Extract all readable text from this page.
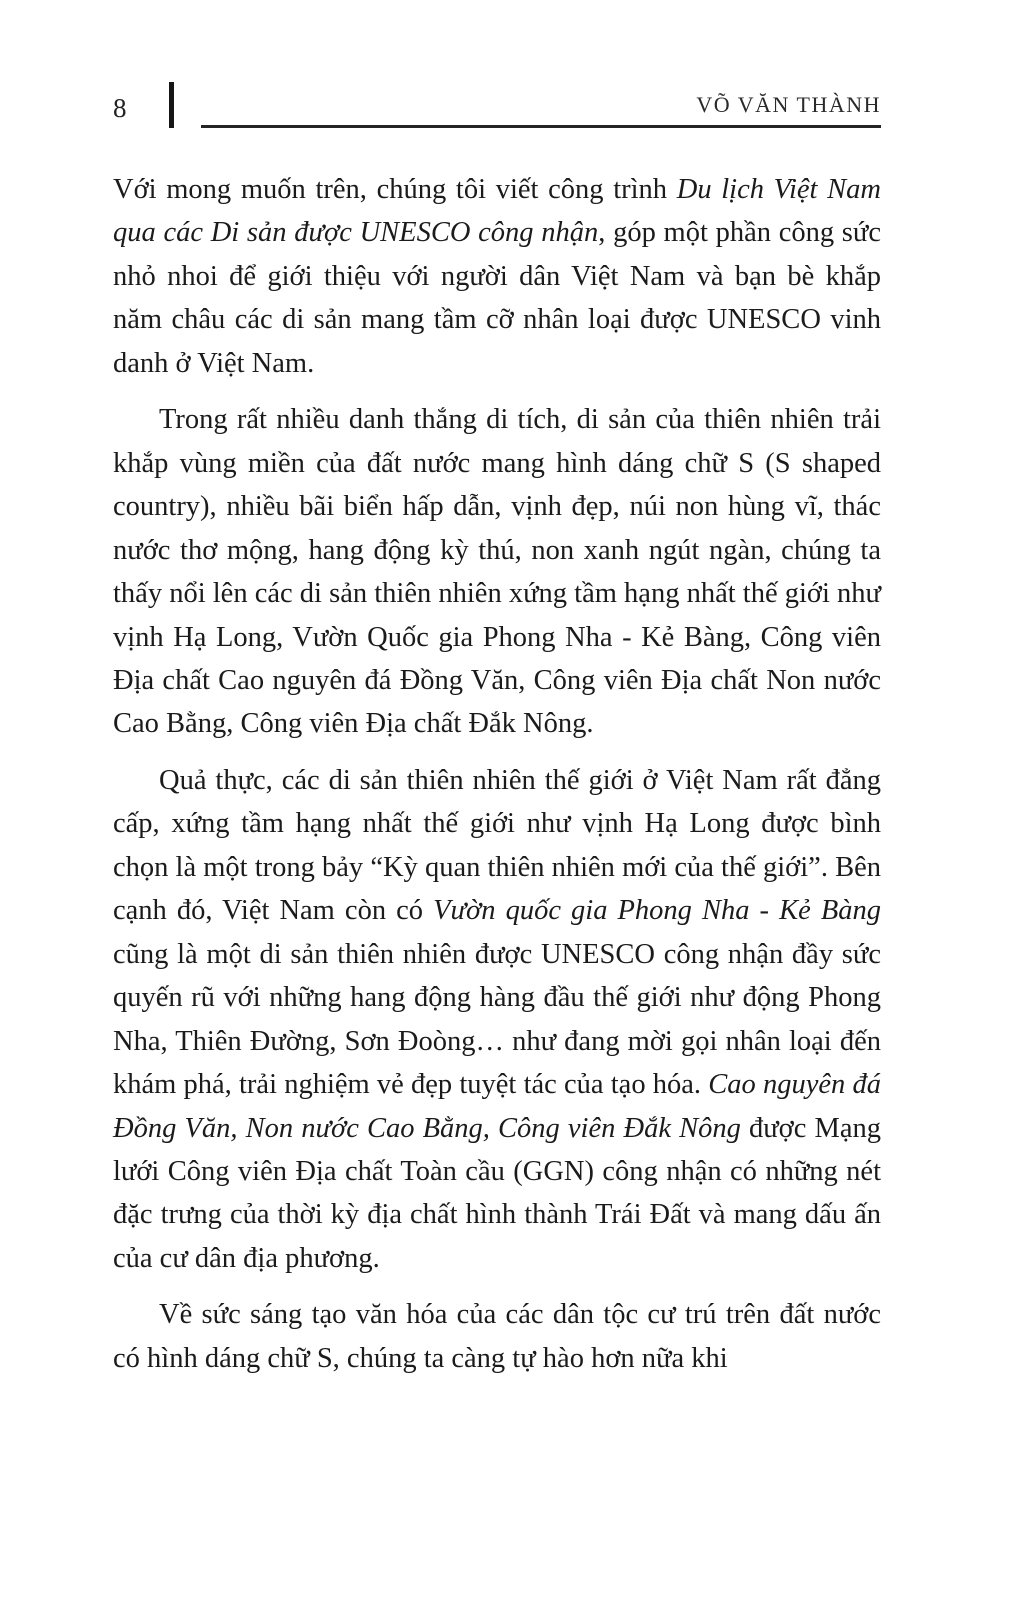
8	VÕ VĂN THÀNH

Với mong muốn trên, chúng tôi viết công trình Du lịch Việt Nam qua các Di sản được UNESCO công nhận, góp một phần công sức nhỏ nhoi để giới thiệu với người dân Việt Nam và bạn bè khắp năm châu các di sản mang tầm cỡ nhân loại được UNESCO vinh danh ở Việt Nam.

Trong rất nhiều danh thắng di tích, di sản của thiên nhiên trải khắp vùng miền của đất nước mang hình dáng chữ S (S shaped country), nhiều bãi biển hấp dẫn, vịnh đẹp, núi non hùng vĩ, thác nước thơ mộng, hang động kỳ thú, non xanh ngút ngàn, chúng ta thấy nổi lên các di sản thiên nhiên xứng tầm hạng nhất thế giới như vịnh Hạ Long, Vườn Quốc gia Phong Nha - Kẻ Bàng, Công viên Địa chất Cao nguyên đá Đồng Văn, Công viên Địa chất Non nước Cao Bằng, Công viên Địa chất Đắk Nông.

Quả thực, các di sản thiên nhiên thế giới ở Việt Nam rất đẳng cấp, xứng tầm hạng nhất thế giới như vịnh Hạ Long được bình chọn là một trong bảy “Kỳ quan thiên nhiên mới của thế giới”. Bên cạnh đó, Việt Nam còn có Vườn quốc gia Phong Nha - Kẻ Bàng cũng là một di sản thiên nhiên được UNESCO công nhận đầy sức quyến rũ với những hang động hàng đầu thế giới như động Phong Nha, Thiên Đường, Sơn Đoòng… như đang mời gọi nhân loại đến khám phá, trải nghiệm vẻ đẹp tuyệt tác của tạo hóa. Cao nguyên đá Đồng Văn, Non nước Cao Bằng, Công viên Đắk Nông được Mạng lưới Công viên Địa chất Toàn cầu (GGN) công nhận có những nét đặc trưng của thời kỳ địa chất hình thành Trái Đất và mang dấu ấn của cư dân địa phương.

Về sức sáng tạo văn hóa của các dân tộc cư trú trên đất nước có hình dáng chữ S, chúng ta càng tự hào hơn nữa khi
